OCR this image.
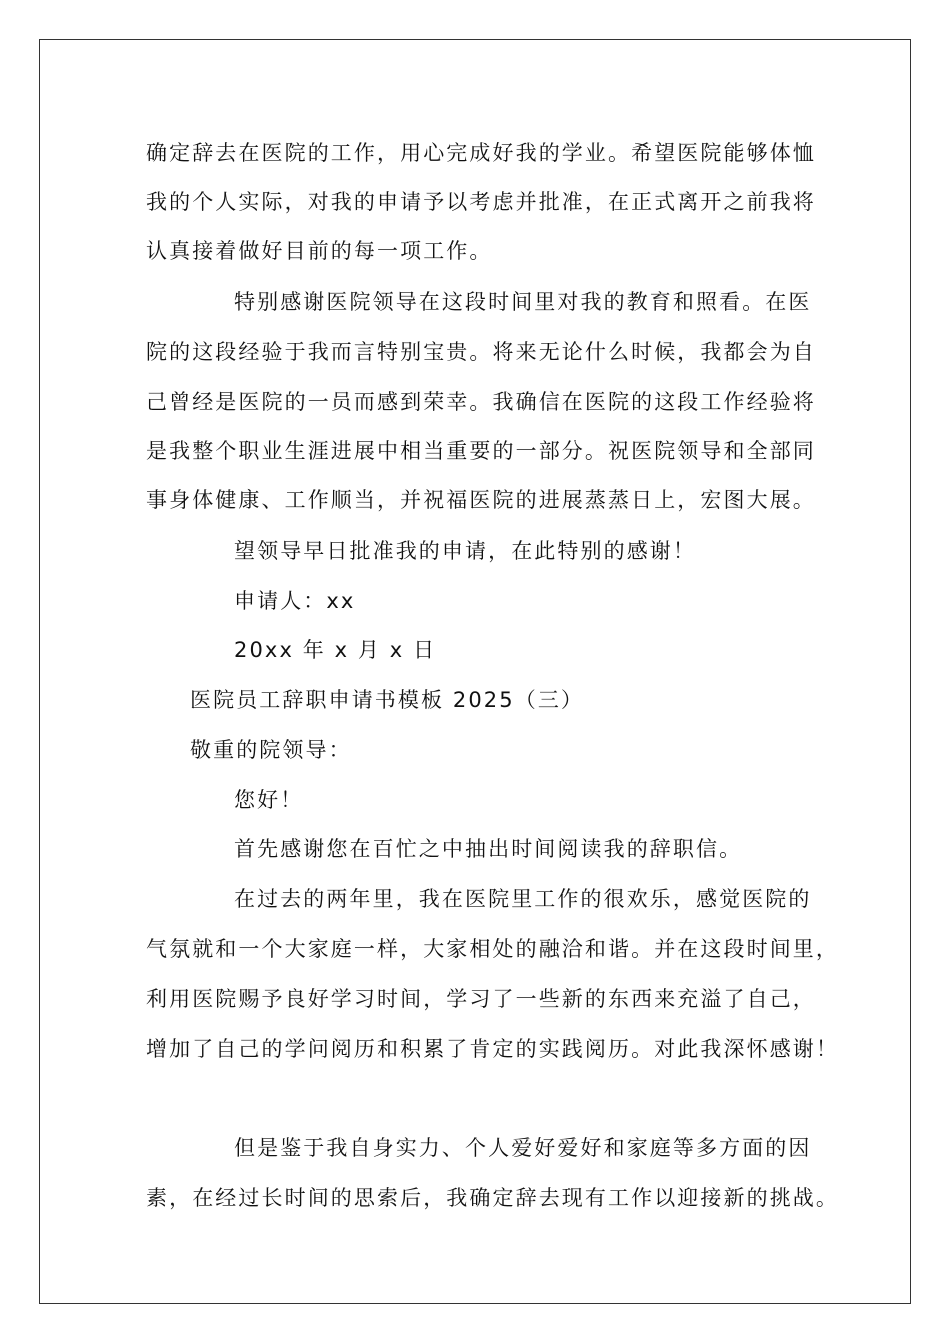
确定辞去在医院的工作，用心完成好我的学业。希望医院能够体恤
我的个人实际，对我的申请予以考虑并批准，在正式离开之前我将
认真接着做好目前的每一项工作。
特别感谢医院领导在这段时间里对我的教育和照看。在医
院的这段经验于我而言特别宝贵。将来无论什么时候，我都会为自
己曾经是医院的一员而感到荣幸。我确信在医院的这段工作经验将
是我整个职业生涯进展中相当重要的一部分。祝医院领导和全部同
事身体健康、工作顺当，并祝福医院的进展蒸蒸日上，宏图大展。
望领导早日批准我的申请，在此特别的感谢！
申请人：xx
20xx 年 x 月 x 日
医院员工辞职申请书模板 2025（三）
敬重的院领导：
您好！
首先感谢您在百忙之中抽出时间阅读我的辞职信。
在过去的两年里，我在医院里工作的很欢乐，感觉医院的
气氛就和一个大家庭一样，大家相处的融洽和谐。并在这段时间里，
利用医院赐予良好学习时间，学习了一些新的东西来充溢了自己，
增加了自己的学问阅历和积累了肯定的实践阅历。对此我深怀感谢！
但是鉴于我自身实力、个人爱好爱好和家庭等多方面的因
素，在经过长时间的思索后，我确定辞去现有工作以迎接新的挑战。
